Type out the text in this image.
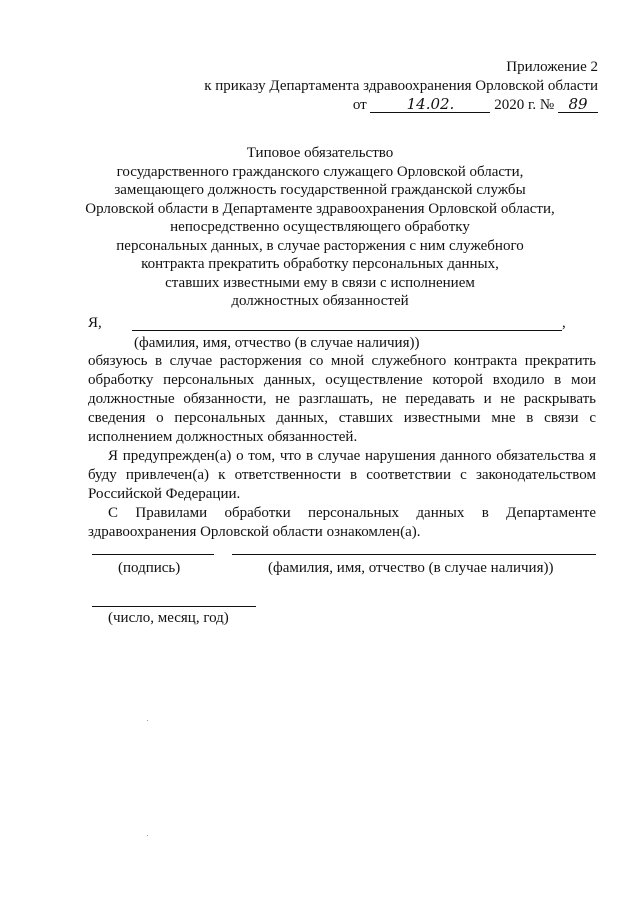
Приложение 2
к приказу Департамента здравоохранения Орловской области
от	14.02.	2020 г. № 89
Типовое обязательство
государственного гражданского служащего Орловской области,
замещающего должность государственной гражданской службы
Орловской области в Департаменте здравоохранения Орловской области,
непосредственно осуществляющего обработку
персональных данных, в случае расторжения с ним служебного
контракта прекратить обработку персональных данных,
ставших известными ему в связи с исполнением
должностных обязанностей
Я,	,
(фамилия, имя, отчество (в случае наличия))

обязуюсь в случае расторжения со мной служебного контракта прекратить обработку персональных данных, осуществление которой входило в мои должностные обязанности, не разглашать, не передавать и не раскрывать сведения о персональных данных, ставших известными мне в связи с исполнением должностных обязанностей.

Я предупрежден(а) о том, что в случае нарушения данного обязательства я буду привлечен(а) к ответственности в соответствии с законодательством Российской Федерации.

С Правилами обработки персональных данных в Департаменте здравоохранения Орловской области ознакомлен(а).

(подпись)	(фамилия, имя, отчество (в случае наличия))
(число, месяц, год)
